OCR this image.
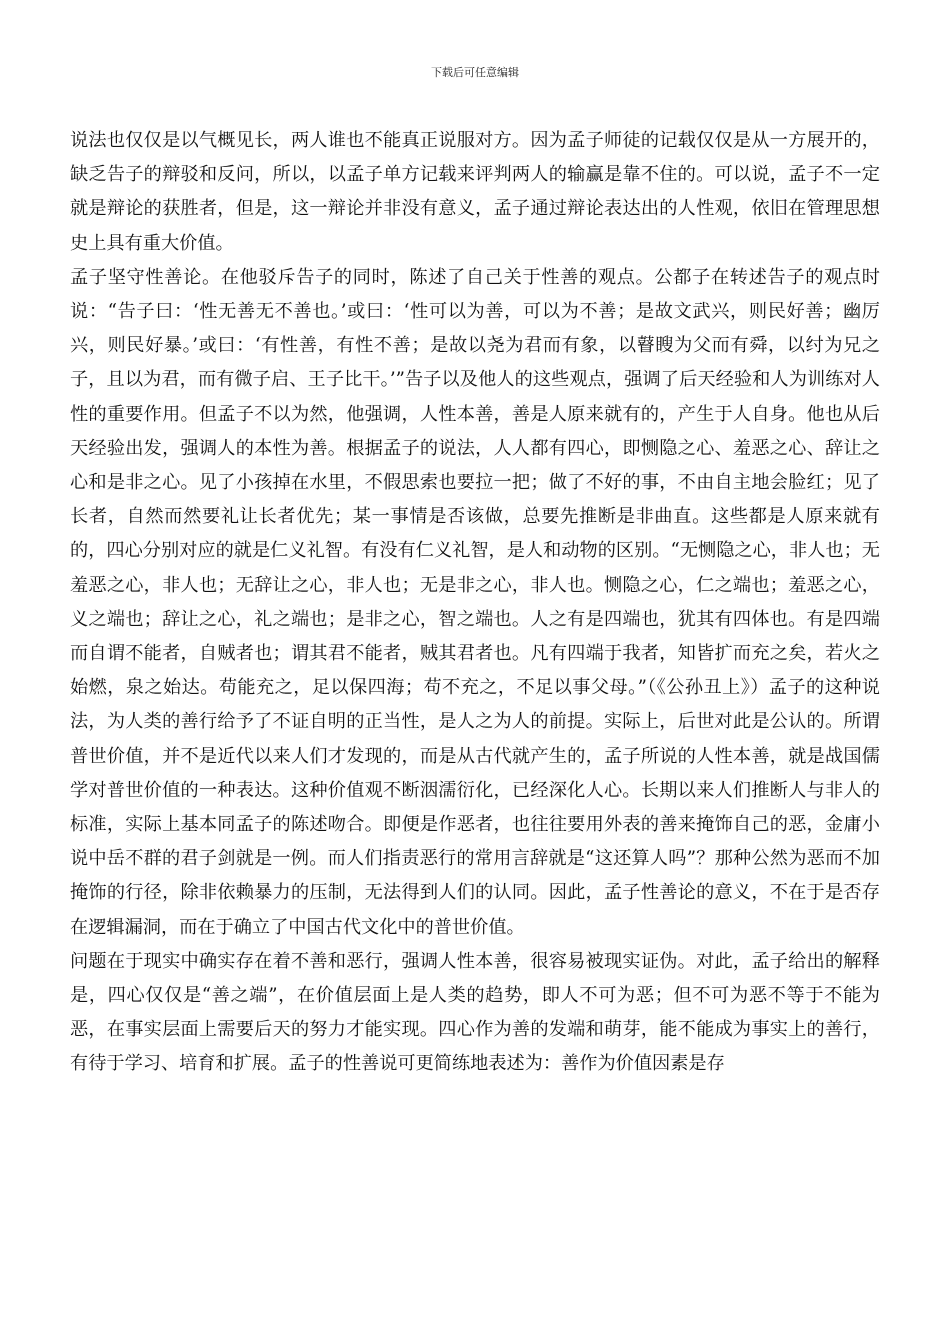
下载后可任意编辑

说法也仅仅是以气概见长，两人谁也不能真正说服对方。因为孟子师徒的记载仅仅是从一方展开的，缺乏告子的辩驳和反问，所以，以孟子单方记载来评判两人的输赢是靠不住的。可以说，孟子不一定就是辩论的获胜者，但是，这一辩论并非没有意义，孟子通过辩论表达出的人性观，依旧在管理思想史上具有重大价值。

孟子坚守性善论。在他驳斥告子的同时，陈述了自己关于性善的观点。公都子在转述告子的观点时说：“告子曰：‘性无善无不善也。’或曰：‘性可以为善，可以为不善；是故文武兴，则民好善；幽厉兴，则民好暴。’或曰：‘有性善，有性不善；是故以尧为君而有象，以瞽瞍为父而有舜，以纣为兄之子，且以为君，而有微子启、王子比干。’”告子以及他人的这些观点，强调了后天经验和人为训练对人性的重要作用。但孟子不以为然，他强调，人性本善，善是人原来就有的，产生于人自身。他也从后天经验出发，强调人的本性为善。根据孟子的说法，人人都有四心，即恻隐之心、羞恶之心、辞让之心和是非之心。见了小孩掉在水里，不假思索也要拉一把；做了不好的事，不由自主地会脸红；见了长者，自然而然要礼让长者优先；某一事情是否该做，总要先推断是非曲直。这些都是人原来就有的，四心分别对应的就是仁义礼智。有没有仁义礼智，是人和动物的区别。“无恻隐之心，非人也；无羞恶之心，非人也；无辞让之心，非人也；无是非之心，非人也。恻隐之心，仁之端也；羞恶之心，义之端也；辞让之心，礼之端也；是非之心，智之端也。人之有是四端也，犹其有四体也。有是四端而自谓不能者，自贼者也；谓其君不能者，贼其君者也。凡有四端于我者，知皆扩而充之矣，若火之始燃，泉之始达。苟能充之，足以保四海；苟不充之，不足以事父母。”（《公孙丑上》）孟子的这种说法，为人类的善行给予了不证自明的正当性，是人之为人的前提。实际上，后世对此是公认的。所谓普世价值，并不是近代以来人们才发现的，而是从古代就产生的，孟子所说的人性本善，就是战国儒学对普世价值的一种表达。这种价值观不断洇濡衍化，已经深化人心。长期以来人们推断人与非人的标准，实际上基本同孟子的陈述吻合。即便是作恶者，也往往要用外表的善来掩饰自己的恶，金庸小说中岳不群的君子剑就是一例。而人们指责恶行的常用言辞就是“这还算人吗”？那种公然为恶而不加掩饰的行径，除非依赖暴力的压制，无法得到人们的认同。因此，孟子性善论的意义，不在于是否存在逻辑漏洞，而在于确立了中国古代文化中的普世价值。

问题在于现实中确实存在着不善和恶行，强调人性本善，很容易被现实证伪。对此，孟子给出的解释是，四心仅仅是“善之端”，在价值层面上是人类的趋势，即人不可为恶；但不可为恶不等于不能为恶，在事实层面上需要后天的努力才能实现。四心作为善的发端和萌芽，能不能成为事实上的善行，有待于学习、培育和扩展。孟子的性善说可更简练地表述为：善作为价值因素是存
